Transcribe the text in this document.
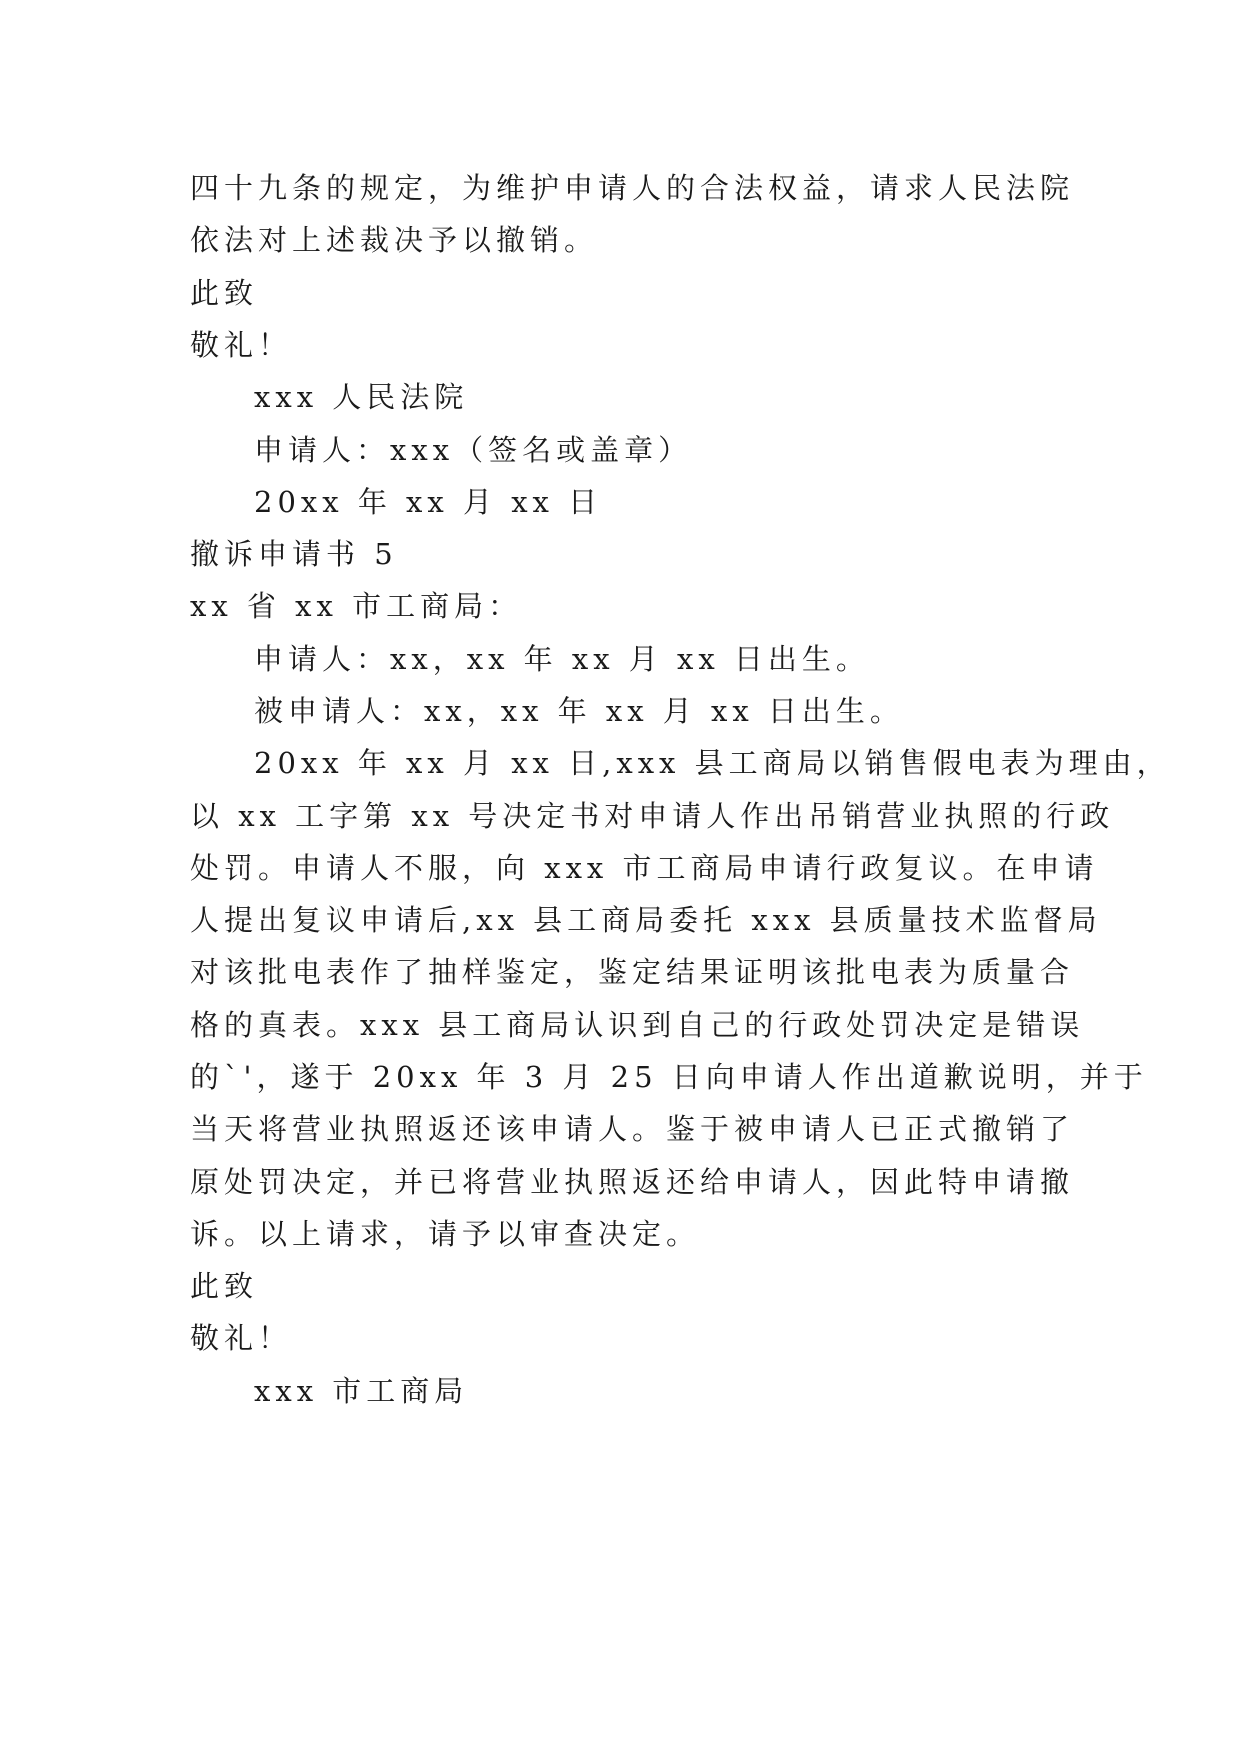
四十九条的规定，为维护申请人的合法权益，请求人民法院
依法对上述裁决予以撤销。
此致
敬礼！
xxx 人民法院
申请人：xxx（签名或盖章）
20xx 年 xx 月 xx 日
撤诉申请书 5
xx 省 xx 市工商局：
申请人：xx，xx 年 xx 月 xx 日出生。
被申请人：xx，xx 年 xx 月 xx 日出生。
20xx 年 xx 月 xx 日,xxx 县工商局以销售假电表为理由，
以 xx 工字第 xx 号决定书对申请人作出吊销营业执照的行政
处罚。申请人不服，向 xxx 市工商局申请行政复议。在申请
人提出复议申请后,xx 县工商局委托 xxx 县质量技术监督局
对该批电表作了抽样鉴定，鉴定结果证明该批电表为质量合
格的真表。xxx 县工商局认识到自己的行政处罚决定是错误
的`'，遂于 20xx 年 3 月 25 日向申请人作出道歉说明，并于
当天将营业执照返还该申请人。鉴于被申请人已正式撤销了
原处罚决定，并已将营业执照返还给申请人，因此特申请撤
诉。以上请求，请予以审查决定。
此致
敬礼！
xxx 市工商局
